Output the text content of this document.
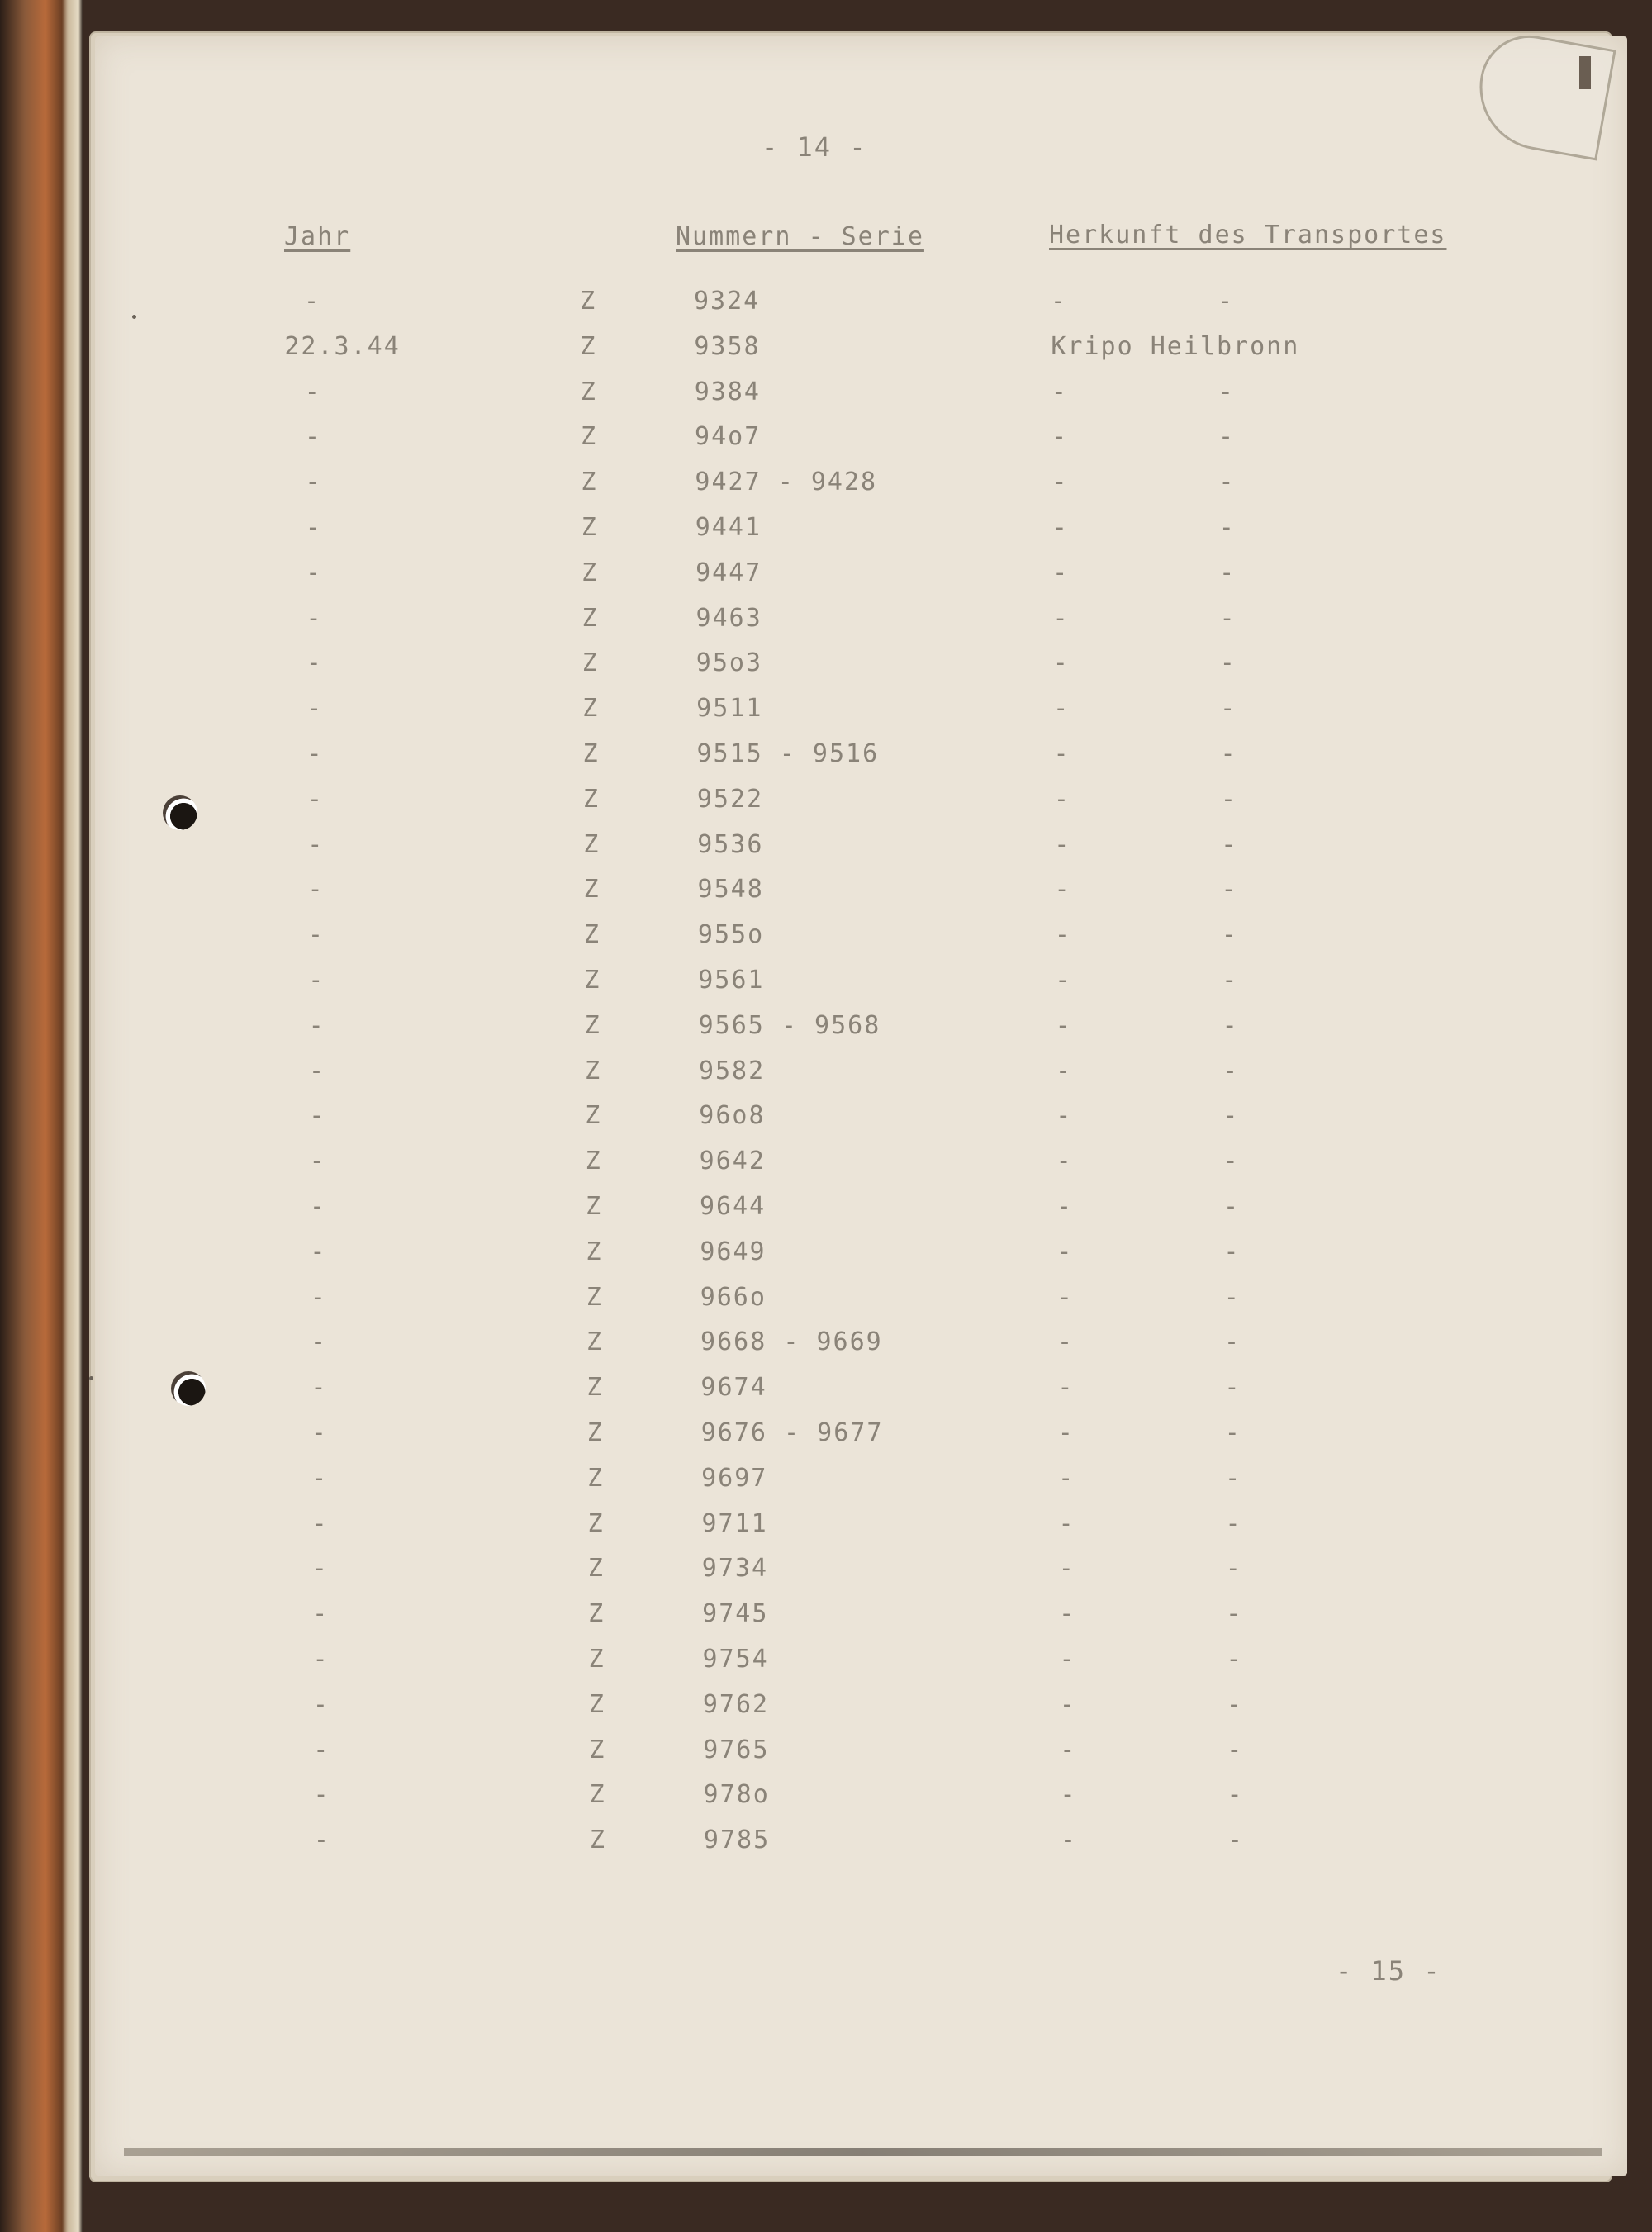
- 14 -
Jahr	Nummern - Serie	Herkunft des Transportes
-	Z	9324	-	-
22.3.44	Z	9358	Kripo Heilbronn
-	Z	9384	-	-
-	Z	94o7	-	-
-	Z	9427 - 9428	-	-
-	Z	9441	-	-
-	Z	9447	-	-
-	Z	9463	-	-
-	Z	95o3	-	-
-	Z	9511	-	-
-	Z	9515 - 9516	-	-
-	Z	9522	-	-
-	Z	9536	-	-
-	Z	9548	-	-
-	Z	955o	-	-
-	Z	9561	-	-
-	Z	9565 - 9568	-	-
-	Z	9582	-	-
-	Z	96o8	-	-
-	Z	9642	-	-
-	Z	9644	-	-
-	Z	9649	-	-
-	Z	966o	-	-
-	Z	9668 - 9669	-	-
-	Z	9674	-	-
-	Z	9676 - 9677	-	-
-	Z	9697	-	-
-	Z	9711	-	-
-	Z	9734	-	-
-	Z	9745	-	-
-	Z	9754	-	-
-	Z	9762	-	-
-	Z	9765	-	-
-	Z	978o	-	-
-	Z	9785	-	-
- 15 -
